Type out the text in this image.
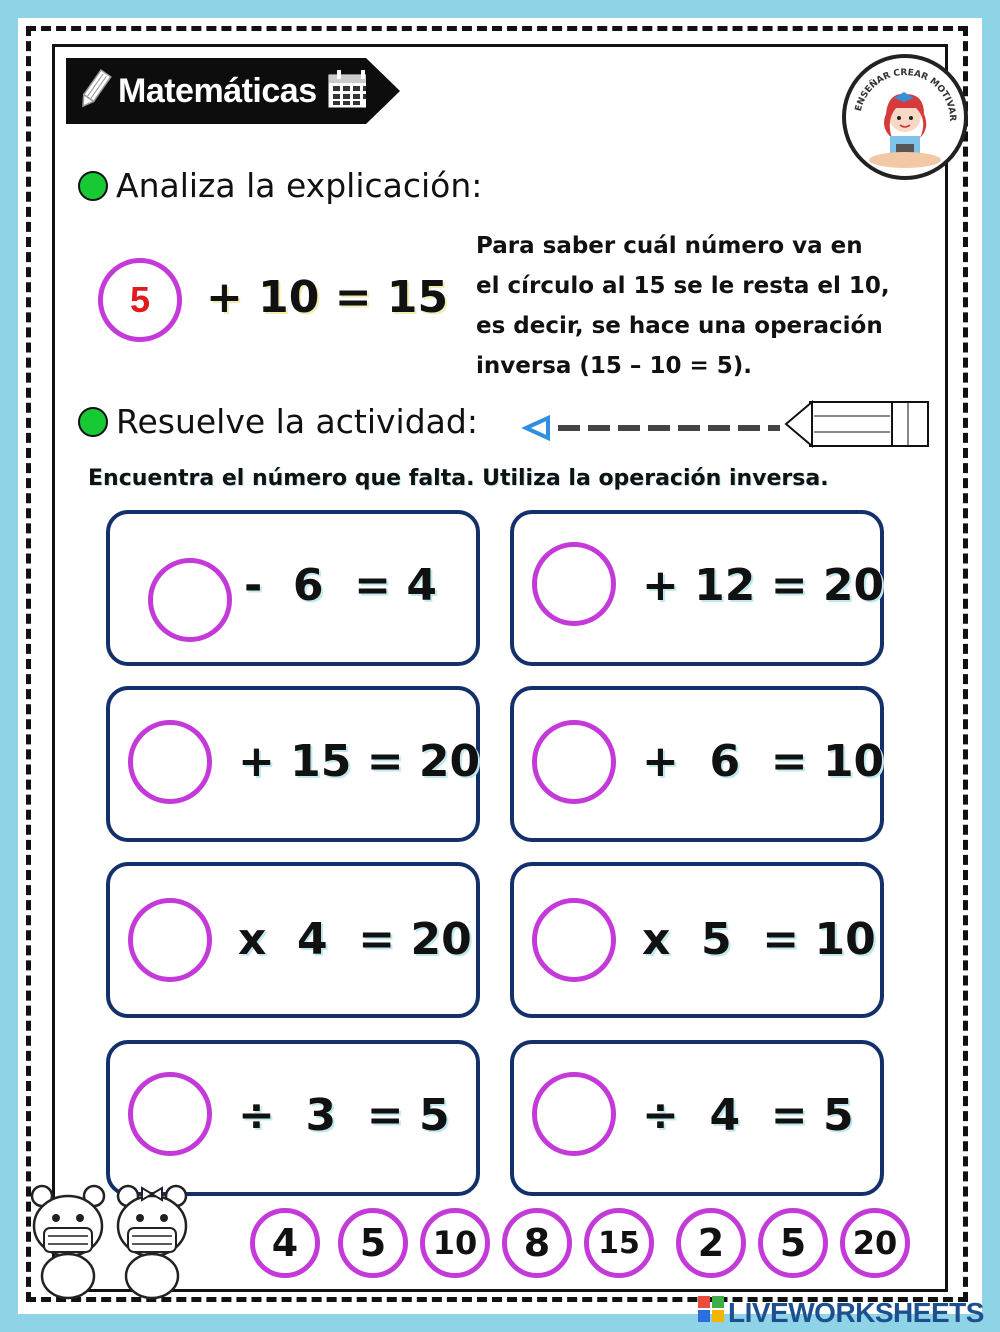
Matemáticas	ENSEÑAR CREAR MOTIVAR
Analiza la explicación:
5 + 10 = 15
Para saber cuál número va en
el círculo al 15 se le resta el 10,
es decir, se hace una operación
inversa (15 – 10 = 5).
Resuelve la actividad:
Encuentra el número que falta. Utiliza la operación inversa.
-  6  = 4	+ 12 = 20
+ 15 = 20	+  6  = 10
x  4  = 20	x  5  = 10
÷  3  = 5	÷  4  = 5
4	5	10	8	15	2	5	20
LIVEWORKSHEETS
